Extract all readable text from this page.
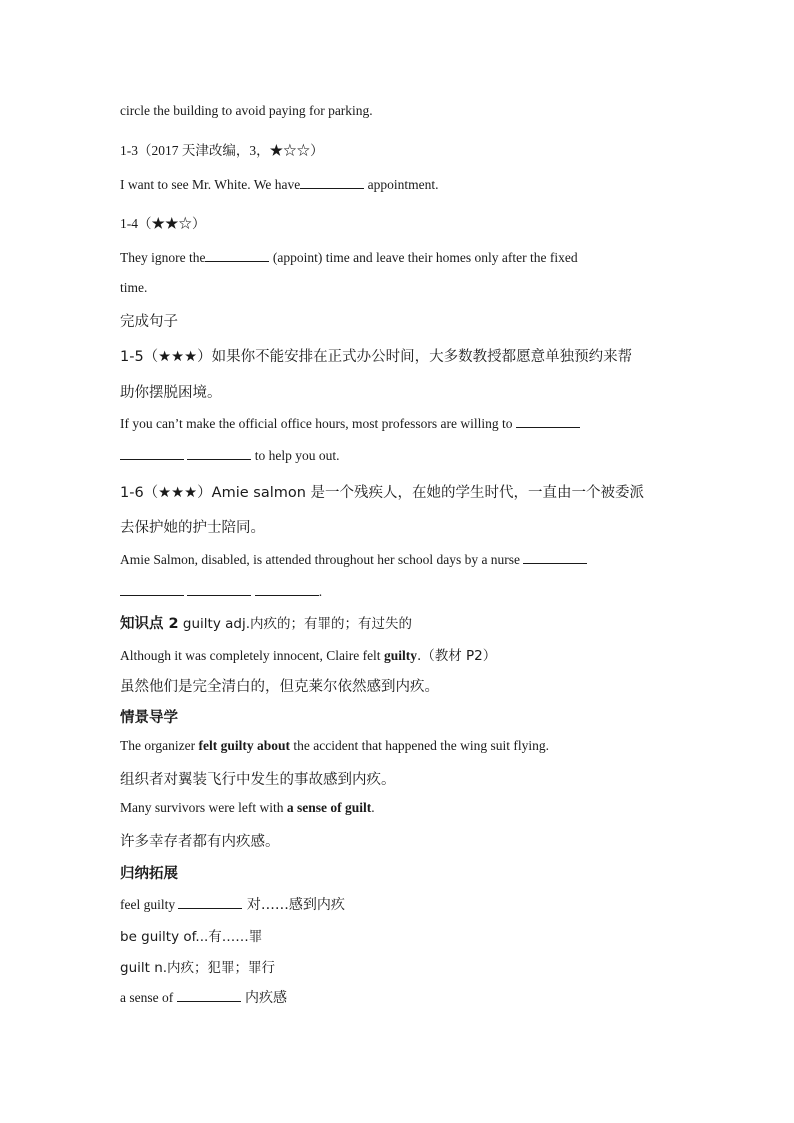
circle the building to avoid paying for parking.
1-3（2017 天津改编，3，★☆☆）
I want to see Mr. White. We have	appointment.
1-4（★★☆）
They ignore the	(appoint) time and leave their homes only after the fixed
time.
完成句子
1-5（★★★）如果你不能安排在正式办公时间，大多数教授都愿意单独预约来帮
助你摆脱困境。
If you can’t make the official office hours, most professors are willing to
to help you out.
1-6（★★★）Amie salmon 是一个残疾人，在她的学生时代，一直由一个被委派
去保护她的护士陪同。
Amie Salmon, disabled, is attended throughout her school days by a nurse
.
知识点 2 guilty adj.内疚的；有罪的；有过失的
Although it was completely innocent, Claire felt guilty.（教材 P2）
虽然他们是完全清白的，但克莱尔依然感到内疚。
情景导学
The organizer felt guilty about the accident that happened the wing suit flying.
组织者对翼装飞行中发生的事故感到内疚。
Many survivors were left with a sense of guilt.
许多幸存者都有内疚感。
归纳拓展
feel guilty	对……感到内疚
be guilty of...有……罪
guilt n.内疚；犯罪；罪行
a sense of	内疚感
